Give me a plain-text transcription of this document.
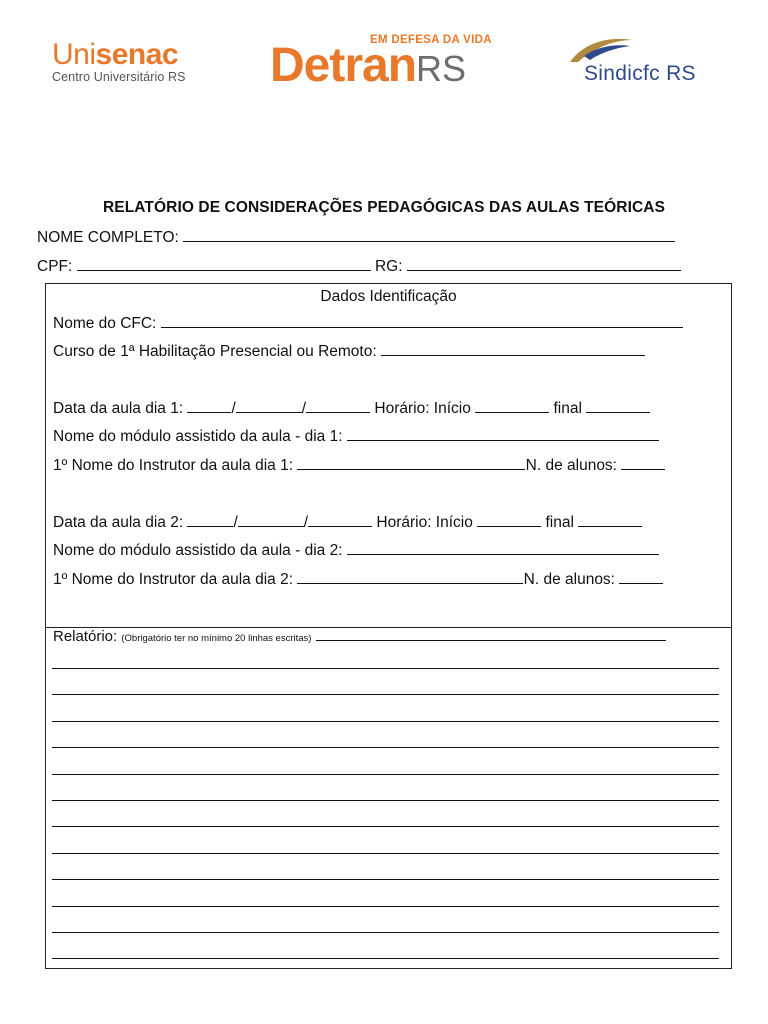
Unisenac
Centro Universitário RS
EM DEFESA DA VIDA
DetranRS	Sindicfc RS
RELATÓRIO DE CONSIDERAÇÕES PEDAGÓGICAS DAS AULAS TEÓRICAS
NOME COMPLETO:
CPF:	RG:
Dados Identificação
Nome do CFC:
Curso de 1ª Habilitação Presencial ou Remoto:
Data da aula dia 1:	/	/	Horário: Início	final
Nome do módulo assistido da aula - dia 1:
1º Nome do Instrutor da aula dia 1:	N. de alunos:
Data da aula dia 2:	/	/	Horário: Início	final
Nome do módulo assistido da aula - dia 2:
1º Nome do Instrutor da aula dia 2:	N. de alunos:
Relatório: (Obrigatório ter no mínimo 20 linhas escritas)
